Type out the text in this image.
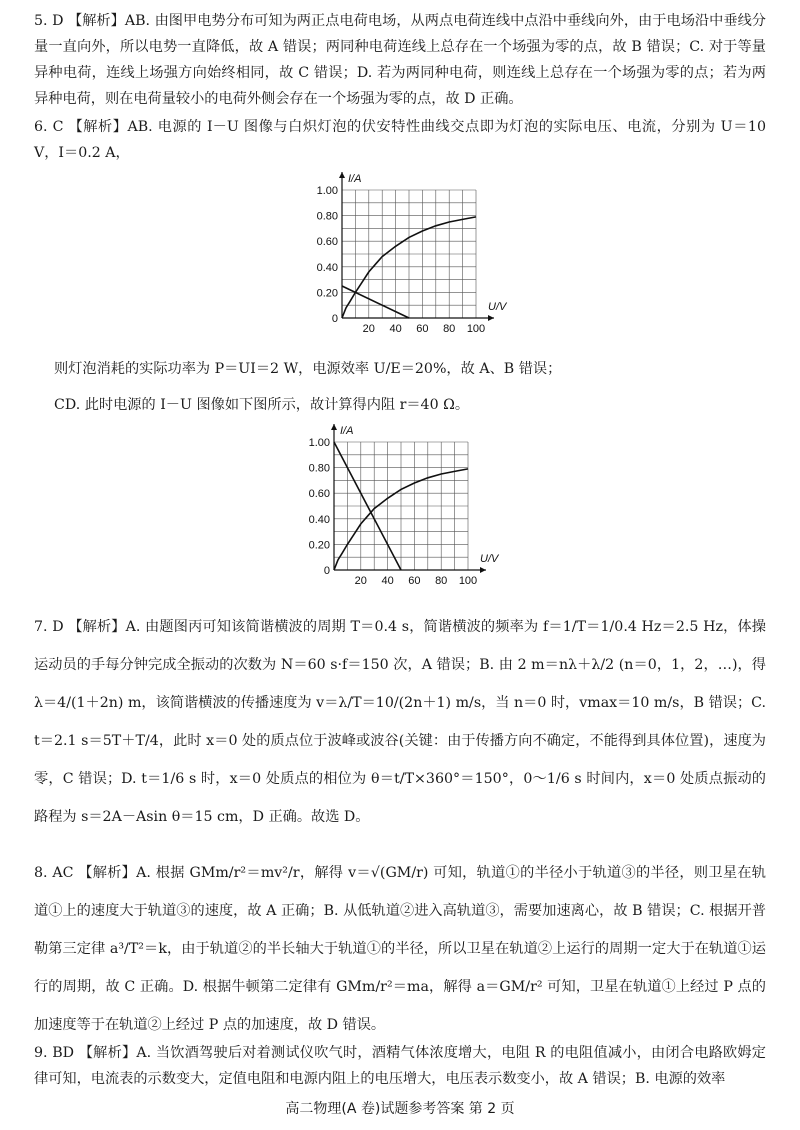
5. D 【解析】AB. 由图甲电势分布可知为两正点电荷电场，从两点电荷连线中点沿中垂线向外，由于电场沿中垂线分量一直向外，所以电势一直降低，故 A 错误；两同种电荷连线上总存在一个场强为零的点，故 B 错误；C. 对于等量异种电荷，连线上场强方向始终相同，故 C 错误；D. 若为两同种电荷，则连线上总存在一个场强为零的点；若为两异种电荷，则在电荷量较小的电荷外侧会存在一个场强为零的点，故 D 正确。

6. C 【解析】AB. 电源的 I－U 图像与白炽灯泡的伏安特性曲线交点即为灯泡的实际电压、电流，分别为 U＝10 V，I＝0.2 A，

20 40 60 80 100
0
0.20
0.40
0.60
0.80
1.00
U/V
I/A

则灯泡消耗的实际功率为 P＝UI＝2 W，电源效率 U/E＝20%，故 A、B 错误；

CD. 此时电源的 I－U 图像如下图所示，故计算得内阻 r＝40 Ω。

20 40 60 80 100
0
0.20
0.40
0.60
0.80
1.00
U/V
I/A

7. D 【解析】A. 由题图丙可知该简谐横波的周期 T＝0.4 s，简谐横波的频率为 f＝1/T＝1/0.4 Hz＝2.5 Hz，体操运动员的手每分钟完成全振动的次数为 N＝60 s·f＝150 次，A 错误；B. 由 2 m＝nλ＋λ/2 (n＝0，1，2，…)，得 λ＝4/(1＋2n) m，该简谐横波的传播速度为 v＝λ/T＝10/(2n＋1) m/s，当 n＝0 时，vmax＝10 m/s，B 错误；C. t＝2.1 s＝5T＋T/4，此时 x＝0 处的质点位于波峰或波谷(关键：由于传播方向不确定，不能得到具体位置)，速度为零，C 错误；D. t＝1/6 s 时，x＝0 处质点的相位为 θ＝t/T×360°＝150°，0～1/6 s 时间内，x＝0 处质点振动的路程为 s＝2A－Asin θ＝15 cm，D 正确。故选 D。

8. AC 【解析】A. 根据 GMm/r²＝mv²/r，解得 v＝√(GM/r) 可知，轨道①的半径小于轨道③的半径，则卫星在轨道①上的速度大于轨道③的速度，故 A 正确；B. 从低轨道②进入高轨道③，需要加速离心，故 B 错误；C. 根据开普勒第三定律 a³/T²＝k，由于轨道②的半长轴大于轨道①的半径，所以卫星在轨道②上运行的周期一定大于在轨道①运行的周期，故 C 正确。D. 根据牛顿第二定律有 GMm/r²＝ma，解得 a＝GM/r² 可知，卫星在轨道①上经过 P 点的加速度等于在轨道②上经过 P 点的加速度，故 D 错误。

9. BD 【解析】A. 当饮酒驾驶后对着测试仪吹气时，酒精气体浓度增大，电阻 R 的电阻值减小，由闭合电路欧姆定律可知，电流表的示数变大，定值电阻和电源内阻上的电压增大，电压表示数变小，故 A 错误；B. 电源的效率

高二物理(A 卷)试题参考答案 第 2 页
